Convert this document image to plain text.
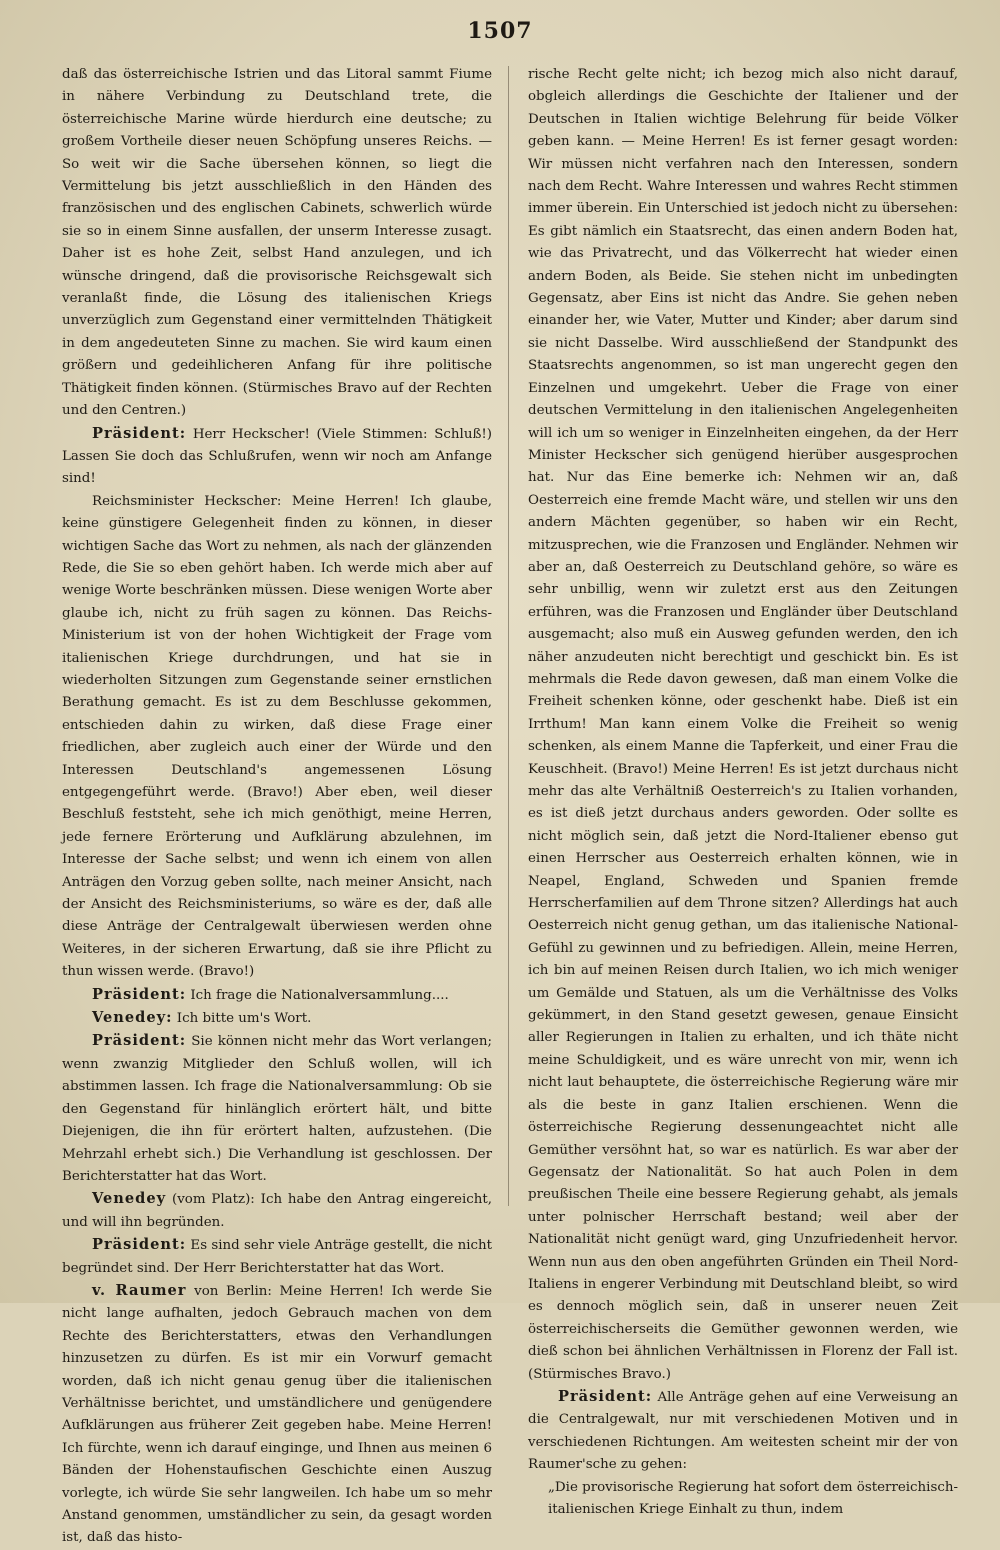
1507

daß das österreichische Istrien und das Litoral sammt Fiume in nähere Verbindung zu Deutschland trete, die österreichische Marine würde hierdurch eine deutsche; zu großem Vortheile dieser neuen Schöpfung unseres Reichs. — So weit wir die Sache übersehen können, so liegt die Vermittelung bis jetzt ausschließlich in den Händen des französischen und des englischen Cabinets, schwerlich würde sie so in einem Sinne ausfallen, der unserm Interesse zusagt. Daher ist es hohe Zeit, selbst Hand anzulegen, und ich wünsche dringend, daß die provisorische Reichsgewalt sich veranlaßt finde, die Lösung des italienischen Kriegs unverzüglich zum Gegenstand einer vermittelnden Thätigkeit in dem angedeuteten Sinne zu machen. Sie wird kaum einen größern und gedeihlicheren Anfang für ihre politische Thätigkeit finden können. (Stürmisches Bravo auf der Rechten und den Centren.)

Präsident: Herr Heckscher! (Viele Stimmen: Schluß!) Lassen Sie doch das Schlußrufen, wenn wir noch am Anfange sind!

Reichsminister Heckscher: Meine Herren! Ich glaube, keine günstigere Gelegenheit finden zu können, in dieser wichtigen Sache das Wort zu nehmen, als nach der glänzenden Rede, die Sie so eben gehört haben. Ich werde mich aber auf wenige Worte beschränken müssen. Diese wenigen Worte aber glaube ich, nicht zu früh sagen zu können. Das Reichs-Ministerium ist von der hohen Wichtigkeit der Frage vom italienischen Kriege durchdrungen, und hat sie in wiederholten Sitzungen zum Gegenstande seiner ernstlichen Berathung gemacht. Es ist zu dem Beschlusse gekommen, entschieden dahin zu wirken, daß diese Frage einer friedlichen, aber zugleich auch einer der Würde und den Interessen Deutschland's angemessenen Lösung entgegengeführt werde. (Bravo!) Aber eben, weil dieser Beschluß feststeht, sehe ich mich genöthigt, meine Herren, jede fernere Erörterung und Aufklärung abzulehnen, im Interesse der Sache selbst; und wenn ich einem von allen Anträgen den Vorzug geben sollte, nach meiner Ansicht, nach der Ansicht des Reichsministeriums, so wäre es der, daß alle diese Anträge der Centralgewalt überwiesen werden ohne Weiteres, in der sicheren Erwartung, daß sie ihre Pflicht zu thun wissen werde. (Bravo!)

Präsident: Ich frage die Nationalversammlung....

Venedey: Ich bitte um's Wort.

Präsident: Sie können nicht mehr das Wort verlangen; wenn zwanzig Mitglieder den Schluß wollen, will ich abstimmen lassen. Ich frage die Nationalversammlung: Ob sie den Gegenstand für hinlänglich erörtert hält, und bitte Diejenigen, die ihn für erörtert halten, aufzustehen. (Die Mehrzahl erhebt sich.) Die Verhandlung ist geschlossen. Der Berichterstatter hat das Wort.

Venedey (vom Platz): Ich habe den Antrag eingereicht, und will ihn begründen.

Präsident: Es sind sehr viele Anträge gestellt, die nicht begründet sind. Der Herr Berichterstatter hat das Wort.

v. Raumer von Berlin: Meine Herren! Ich werde Sie nicht lange aufhalten, jedoch Gebrauch machen von dem Rechte des Berichterstatters, etwas den Verhandlungen hinzusetzen zu dürfen. Es ist mir ein Vorwurf gemacht worden, daß ich nicht genau genug über die italienischen Verhältnisse berichtet, und umständlichere und genügendere Aufklärungen aus früherer Zeit gegeben habe. Meine Herren! Ich fürchte, wenn ich darauf einginge, und Ihnen aus meinen 6 Bänden der Hohenstaufischen Geschichte einen Auszug vorlegte, ich würde Sie sehr langweilen. Ich habe um so mehr Anstand genommen, umständlicher zu sein, da gesagt worden ist, daß das histo-

rische Recht gelte nicht; ich bezog mich also nicht darauf, obgleich allerdings die Geschichte der Italiener und der Deutschen in Italien wichtige Belehrung für beide Völker geben kann. — Meine Herren! Es ist ferner gesagt worden: Wir müssen nicht verfahren nach den Interessen, sondern nach dem Recht. Wahre Interessen und wahres Recht stimmen immer überein. Ein Unterschied ist jedoch nicht zu übersehen: Es gibt nämlich ein Staatsrecht, das einen andern Boden hat, wie das Privatrecht, und das Völkerrecht hat wieder einen andern Boden, als Beide. Sie stehen nicht im unbedingten Gegensatz, aber Eins ist nicht das Andre. Sie gehen neben einander her, wie Vater, Mutter und Kinder; aber darum sind sie nicht Dasselbe. Wird ausschließend der Standpunkt des Staatsrechts angenommen, so ist man ungerecht gegen den Einzelnen und umgekehrt. Ueber die Frage von einer deutschen Vermittelung in den italienischen Angelegenheiten will ich um so weniger in Einzelnheiten eingehen, da der Herr Minister Heckscher sich genügend hierüber ausgesprochen hat. Nur das Eine bemerke ich: Nehmen wir an, daß Oesterreich eine fremde Macht wäre, und stellen wir uns den andern Mächten gegenüber, so haben wir ein Recht, mitzusprechen, wie die Franzosen und Engländer. Nehmen wir aber an, daß Oesterreich zu Deutschland gehöre, so wäre es sehr unbillig, wenn wir zuletzt erst aus den Zeitungen erführen, was die Franzosen und Engländer über Deutschland ausgemacht; also muß ein Ausweg gefunden werden, den ich näher anzudeuten nicht berechtigt und geschickt bin. Es ist mehrmals die Rede davon gewesen, daß man einem Volke die Freiheit schenken könne, oder geschenkt habe. Dieß ist ein Irrthum! Man kann einem Volke die Freiheit so wenig schenken, als einem Manne die Tapferkeit, und einer Frau die Keuschheit. (Bravo!) Meine Herren! Es ist jetzt durchaus nicht mehr das alte Verhältniß Oesterreich's zu Italien vorhanden, es ist dieß jetzt durchaus anders geworden. Oder sollte es nicht möglich sein, daß jetzt die Nord-Italiener ebenso gut einen Herrscher aus Oesterreich erhalten können, wie in Neapel, England, Schweden und Spanien fremde Herrscherfamilien auf dem Throne sitzen? Allerdings hat auch Oesterreich nicht genug gethan, um das italienische National-Gefühl zu gewinnen und zu befriedigen. Allein, meine Herren, ich bin auf meinen Reisen durch Italien, wo ich mich weniger um Gemälde und Statuen, als um die Verhältnisse des Volks gekümmert, in den Stand gesetzt gewesen, genaue Einsicht aller Regierungen in Italien zu erhalten, und ich thäte nicht meine Schuldigkeit, und es wäre unrecht von mir, wenn ich nicht laut behauptete, die österreichische Regierung wäre mir als die beste in ganz Italien erschienen. Wenn die österreichische Regierung dessenungeachtet nicht alle Gemüther versöhnt hat, so war es natürlich. Es war aber der Gegensatz der Nationalität. So hat auch Polen in dem preußischen Theile eine bessere Regierung gehabt, als jemals unter polnischer Herrschaft bestand; weil aber der Nationalität nicht genügt ward, ging Unzufriedenheit hervor. Wenn nun aus den oben angeführten Gründen ein Theil Nord-Italiens in engerer Verbindung mit Deutschland bleibt, so wird es dennoch möglich sein, daß in unserer neuen Zeit österreichischerseits die Gemüther gewonnen werden, wie dieß schon bei ähnlichen Verhältnissen in Florenz der Fall ist. (Stürmisches Bravo.)

Präsident: Alle Anträge gehen auf eine Verweisung an die Centralgewalt, nur mit verschiedenen Motiven und in verschiedenen Richtungen. Am weitesten scheint mir der von Raumer'sche zu gehen:

„Die provisorische Regierung hat sofort dem österreichisch-italienischen Kriege Einhalt zu thun, indem
